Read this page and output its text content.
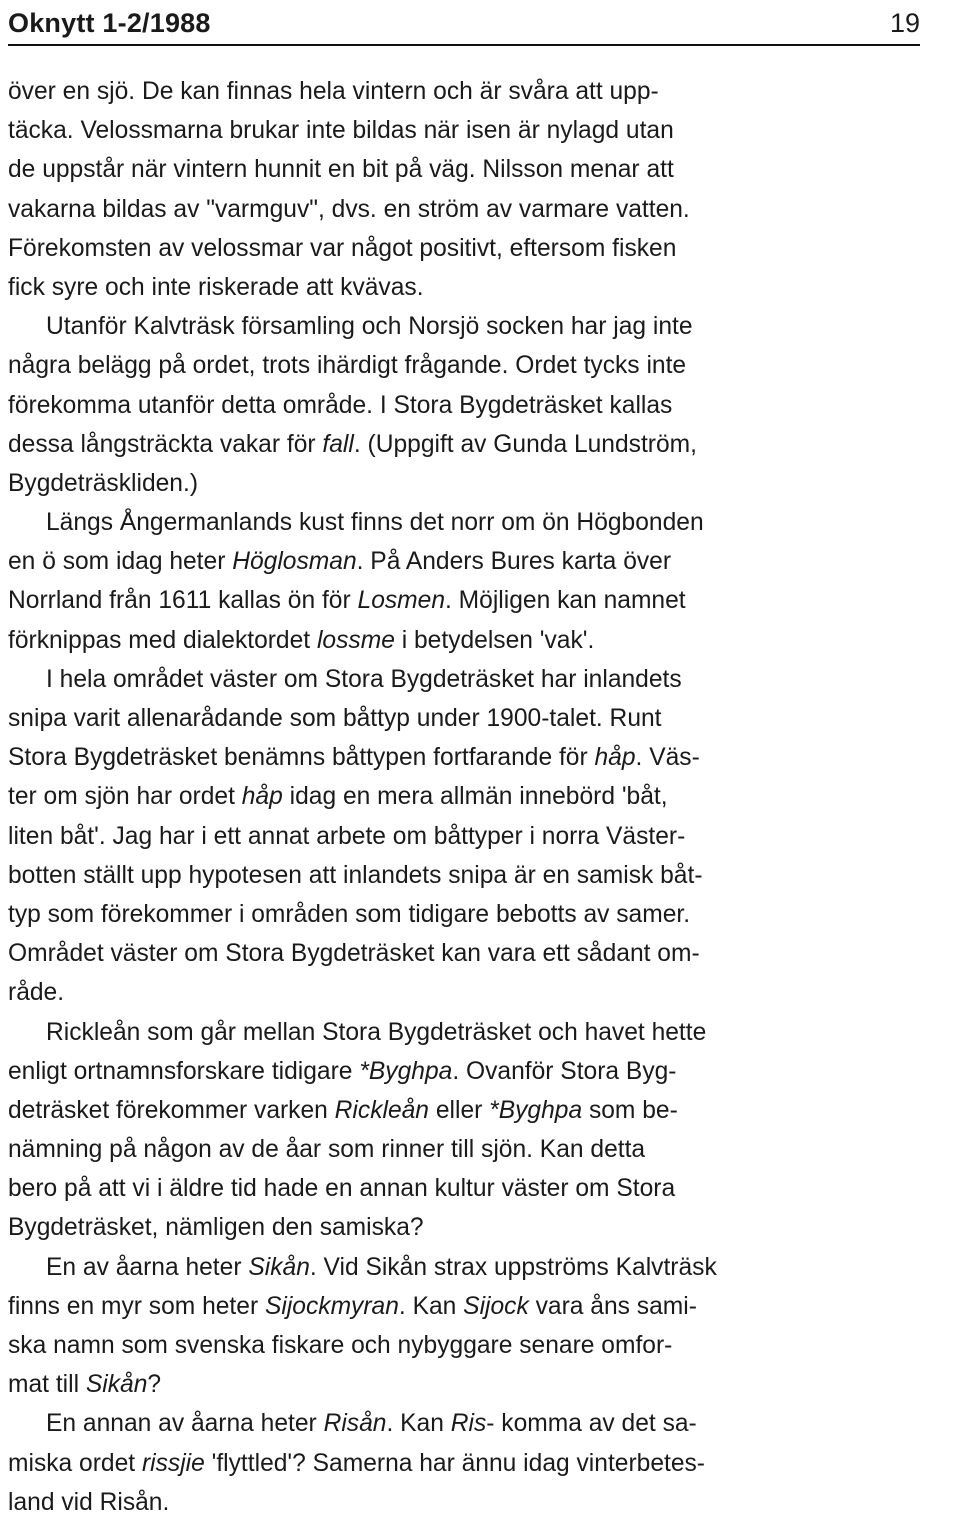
Oknytt 1-2/1988	19
över en sjö. De kan finnas hela vintern och är svåra att upp-
täcka. Velossmarna brukar inte bildas när isen är nylagd utan
de uppstår när vintern hunnit en bit på väg. Nilsson menar att
vakarna bildas av "varmguv", dvs. en ström av varmare vatten.
Förekomsten av velossmar var något positivt, eftersom fisken
fick syre och inte riskerade att kvävas.
Utanför Kalvträsk församling och Norsjö socken har jag inte
några belägg på ordet, trots ihärdigt frågande. Ordet tycks inte
förekomma utanför detta område. I Stora Bygdeträsket kallas
dessa långsträckta vakar för fall. (Uppgift av Gunda Lundström,
Bygdeträskliden.)
Längs Ångermanlands kust finns det norr om ön Högbonden
en ö som idag heter Höglosman. På Anders Bures karta över
Norrland från 1611 kallas ön för Losmen. Möjligen kan namnet
förknippas med dialektordet lossme i betydelsen 'vak'.
I hela området väster om Stora Bygdeträsket har inlandets
snipa varit allenarådande som båttyp under 1900-talet. Runt
Stora Bygdeträsket benämns båttypen fortfarande för håp. Väs-
ter om sjön har ordet håp idag en mera allmän innebörd 'båt,
liten båt'. Jag har i ett annat arbete om båttyper i norra Väster-
botten ställt upp hypotesen att inlandets snipa är en samisk båt-
typ som förekommer i områden som tidigare bebotts av samer.
Området väster om Stora Bygdeträsket kan vara ett sådant om-
råde.
Rickleån som går mellan Stora Bygdeträsket och havet hette
enligt ortnamnsforskare tidigare *Byghpa. Ovanför Stora Byg-
deträsket förekommer varken Rickleån eller *Byghpa som be-
nämning på någon av de åar som rinner till sjön. Kan detta
bero på att vi i äldre tid hade en annan kultur väster om Stora
Bygdeträsket, nämligen den samiska?
En av åarna heter Sikån. Vid Sikån strax uppströms Kalvträsk
finns en myr som heter Sijockmyran. Kan Sijock vara åns sami-
ska namn som svenska fiskare och nybyggare senare omfor-
mat till Sikån?
En annan av åarna heter Risån. Kan Ris- komma av det sa-
miska ordet rissjie 'flyttled'? Samerna har ännu idag vinterbetes-
land vid Risån.
